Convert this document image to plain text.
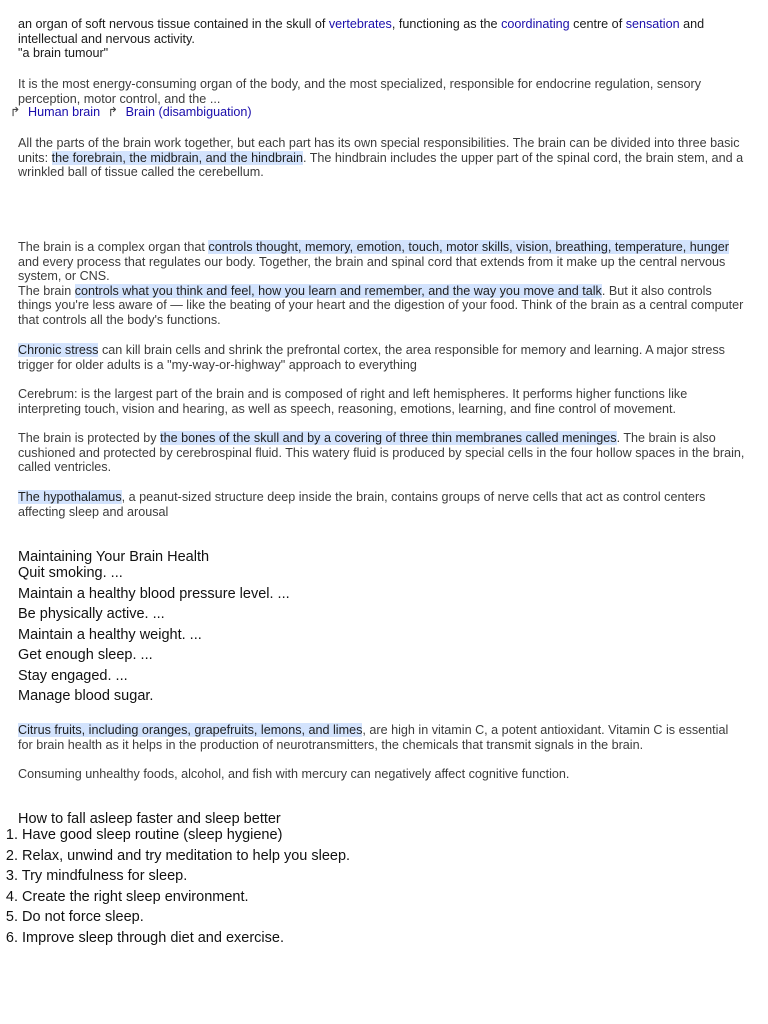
an organ of soft nervous tissue contained in the skull of vertebrates, functioning as the coordinating centre of sensation and intellectual and nervous activity.
"a brain tumour"

It is the most energy-consuming organ of the body, and the most specialized, responsible for endocrine regulation, sensory perception, motor control, and the ...

↱ Human brain ↱ Brain (disambiguation)

All the parts of the brain work together, but each part has its own special responsibilities. The brain can be divided into three basic units: the forebrain, the midbrain, and the hindbrain. The hindbrain includes the upper part of the spinal cord, the brain stem, and a wrinkled ball of tissue called the cerebellum.

The brain is a complex organ that controls thought, memory, emotion, touch, motor skills, vision, breathing, temperature, hunger and every process that regulates our body. Together, the brain and spinal cord that extends from it make up the central nervous system, or CNS.
The brain controls what you think and feel, how you learn and remember, and the way you move and talk. But it also controls things you're less aware of — like the beating of your heart and the digestion of your food. Think of the brain as a central computer that controls all the body's functions.

Chronic stress can kill brain cells and shrink the prefrontal cortex, the area responsible for memory and learning. A major stress trigger for older adults is a "my-way-or-highway" approach to everything

Cerebrum: is the largest part of the brain and is composed of right and left hemispheres. It performs higher functions like interpreting touch, vision and hearing, as well as speech, reasoning, emotions, learning, and fine control of movement.

The brain is protected by the bones of the skull and by a covering of three thin membranes called meninges. The brain is also cushioned and protected by cerebrospinal fluid. This watery fluid is produced by special cells in the four hollow spaces in the brain, called ventricles.

The hypothalamus, a peanut-sized structure deep inside the brain, contains groups of nerve cells that act as control centers affecting sleep and arousal

Maintaining Your Brain Health
Quit smoking. ...
Maintain a healthy blood pressure level. ...
Be physically active. ...
Maintain a healthy weight. ...
Get enough sleep. ...
Stay engaged. ...
Manage blood sugar.

Citrus fruits, including oranges, grapefruits, lemons, and limes, are high in vitamin C, a potent antioxidant. Vitamin C is essential for brain health as it helps in the production of neurotransmitters, the chemicals that transmit signals in the brain.

Consuming unhealthy foods, alcohol, and fish with mercury can negatively affect cognitive function.

How to fall asleep faster and sleep better
1. Have good sleep routine (sleep hygiene)
2. Relax, unwind and try meditation to help you sleep.
3. Try mindfulness for sleep.
4. Create the right sleep environment.
5. Do not force sleep.
6. Improve sleep through diet and exercise.
